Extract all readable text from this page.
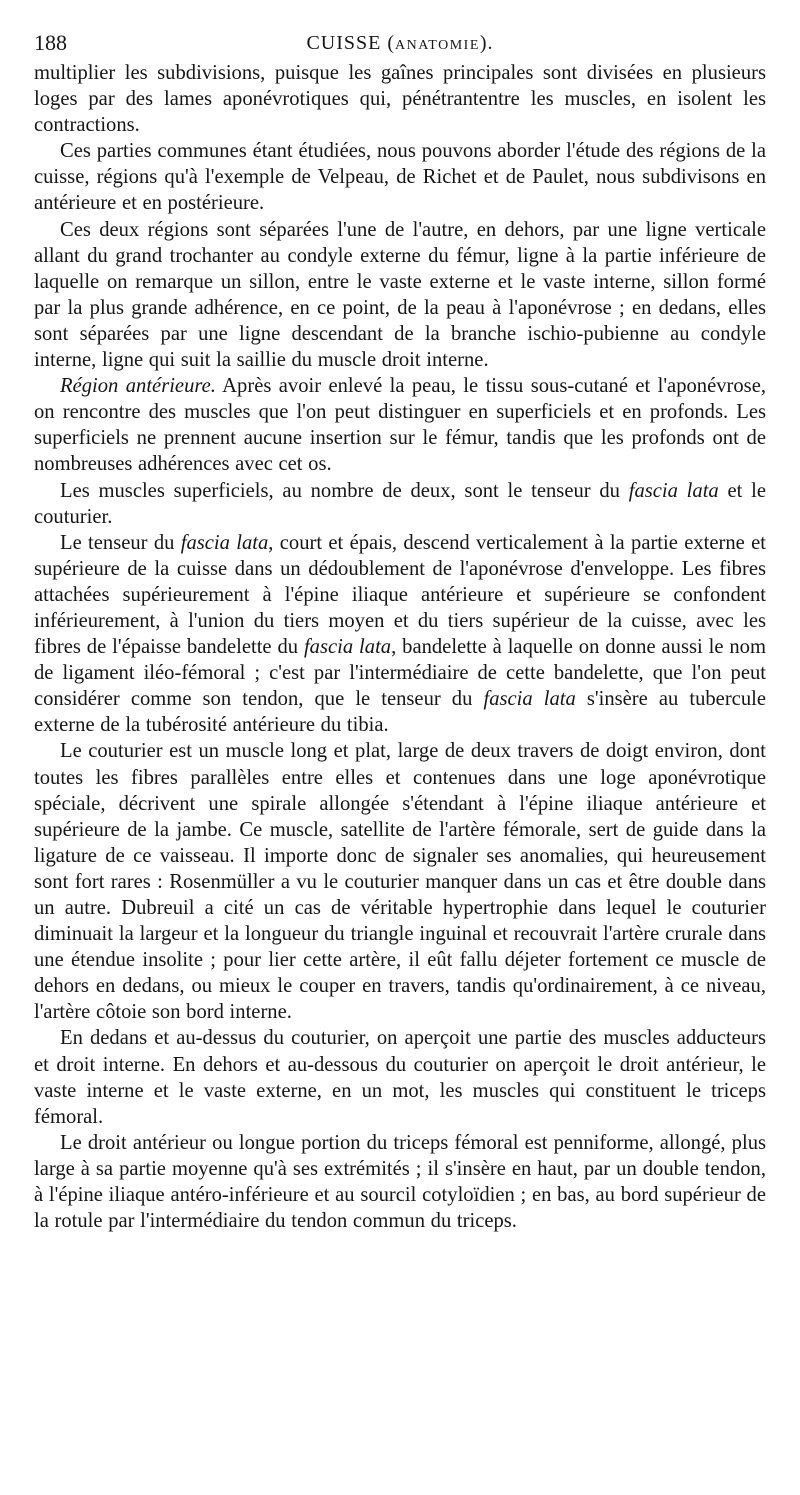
188	CUISSE (ANATOMIE).

multiplier les subdivisions, puisque les gaînes principales sont divisées en plusieurs loges par des lames aponévrotiques qui, pénétrantentre les muscles, en isolent les contractions.

Ces parties communes étant étudiées, nous pouvons aborder l'étude des régions de la cuisse, régions qu'à l'exemple de Velpeau, de Richet et de Paulet, nous subdivisons en antérieure et en postérieure.

Ces deux régions sont séparées l'une de l'autre, en dehors, par une ligne verticale allant du grand trochanter au condyle externe du fémur, ligne à la partie inférieure de laquelle on remarque un sillon, entre le vaste externe et le vaste interne, sillon formé par la plus grande adhérence, en ce point, de la peau à l'aponévrose ; en dedans, elles sont séparées par une ligne descendant de la branche ischio-pubienne au condyle interne, ligne qui suit la saillie du muscle droit interne.

Région antérieure. Après avoir enlevé la peau, le tissu sous-cutané et l'aponévrose, on rencontre des muscles que l'on peut distinguer en superficiels et en profonds. Les superficiels ne prennent aucune insertion sur le fémur, tandis que les profonds ont de nombreuses adhérences avec cet os.

Les muscles superficiels, au nombre de deux, sont le tenseur du fascia lata et le couturier.

Le tenseur du fascia lata, court et épais, descend verticalement à la partie externe et supérieure de la cuisse dans un dédoublement de l'aponévrose d'enveloppe. Les fibres attachées supérieurement à l'épine iliaque antérieure et supérieure se confondent inférieurement, à l'union du tiers moyen et du tiers supérieur de la cuisse, avec les fibres de l'épaisse bandelette du fascia lata, bandelette à laquelle on donne aussi le nom de ligament iléo-fémoral ; c'est par l'intermédiaire de cette bandelette, que l'on peut considérer comme son tendon, que le tenseur du fascia lata s'insère au tubercule externe de la tubérosité antérieure du tibia.

Le couturier est un muscle long et plat, large de deux travers de doigt environ, dont toutes les fibres parallèles entre elles et contenues dans une loge aponévrotique spéciale, décrivent une spirale allongée s'étendant à l'épine iliaque antérieure et supérieure de la jambe. Ce muscle, satellite de l'artère fémorale, sert de guide dans la ligature de ce vaisseau. Il importe donc de signaler ses anomalies, qui heureusement sont fort rares : Rosenmüller a vu le couturier manquer dans un cas et être double dans un autre. Dubreuil a cité un cas de véritable hypertrophie dans lequel le couturier diminuait la largeur et la longueur du triangle inguinal et recouvrait l'artère crurale dans une étendue insolite ; pour lier cette artère, il eût fallu déjeter fortement ce muscle de dehors en dedans, ou mieux le couper en travers, tandis qu'ordinairement, à ce niveau, l'artère côtoie son bord interne.

En dedans et au-dessus du couturier, on aperçoit une partie des muscles adducteurs et droit interne. En dehors et au-dessous du couturier on aperçoit le droit antérieur, le vaste interne et le vaste externe, en un mot, les muscles qui constituent le triceps fémoral.

Le droit antérieur ou longue portion du triceps fémoral est penniforme, allongé, plus large à sa partie moyenne qu'à ses extrémités ; il s'insère en haut, par un double tendon, à l'épine iliaque antéro-inférieure et au sourcil cotyloïdien ; en bas, au bord supérieur de la rotule par l'intermédiaire du tendon commun du triceps.
